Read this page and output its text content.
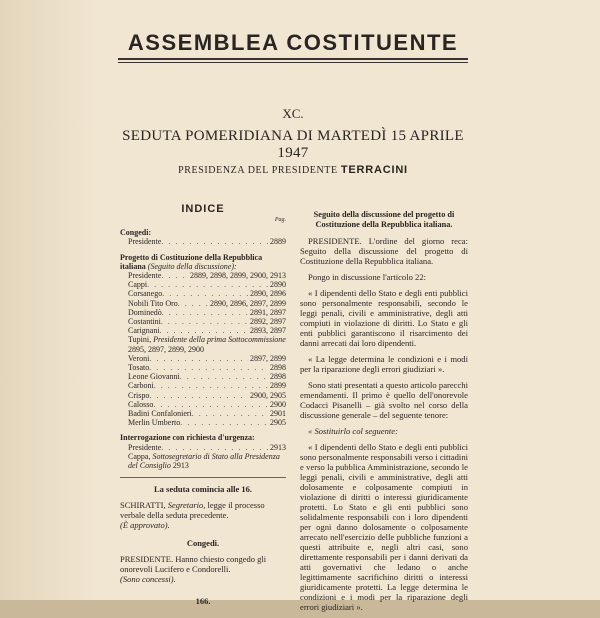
ASSEMBLEA COSTITUENTE
XC.
SEDUTA POMERIDIANA DI MARTEDÌ 15 APRILE 1947
PRESIDENZA DEL PRESIDENTE TERRACINI
INDICE
Pag.
Congedi:
Presidente . . .	2889
Progetto di Costituzione della Repubblica italiana (Seguito della discussione):
Presidente . . .	2889, 2898, 2899, 2900, 2913
Cappi . . .	2890
Corsanego . . .	2890, 2896
Nobili Tito Oro . . .	2890, 2896, 2897, 2899
Dominedò . . .	2891, 2897
Costantini . . .	2892, 2897
Carignani . . .	2893, 2897
Tupini, Presidente della prima Sottocommissione 2895, 2897, 2899, 2900
Veroni . . .	2897, 2899
Tosato . . .	2898
Leone Giovanni . . .	2898
Carboni . . .	2899
Crispo . . .	2900, 2905
Calosso . . .	2900
Badini Confalonieri . . .	2901
Merlin Umberto . . .	2905
Interrogazione con richiesta d'urgenza:
Presidente . . .	2913
Cappa, Sottosegretario di Stato alla Presidenza del Consiglio 2913
La seduta comincia alle 16.
SCHIRATTI, Segretario, legge il processo verbale della seduta precedente.
(È approvato).
Congedi.
PRESIDENTE. Hanno chiesto congedo gli onorevoli Lucifero e Condorelli.
(Sono concessi).
166.
Seguito della discussione del progetto di Costituzione della Repubblica italiana.

PRESIDENTE. L'ordine del giorno reca: Seguito della discussione del progetto di Costituzione della Repubblica italiana.

Pongo in discussione l'articolo 22:

« I dipendenti dello Stato e degli enti pubblici sono personalmente responsabili, secondo le leggi penali, civili e amministrative, degli atti compiuti in violazione di diritti. Lo Stato e gli enti pubblici garantiscono il risarcimento dei danni arrecati dai loro dipendenti.

« La legge determina le condizioni e i modi per la riparazione degli errori giudiziari ».

Sono stati presentati a questo articolo parecchi emendamenti. Il primo è quello dell'onorevole Codacci Pisanelli – già svolto nel corso della discussione generale – del seguente tenore:

« Sostituirlo col seguente:

« I dipendenti dello Stato e degli enti pubblici sono personalmente responsabili verso i cittadini e verso la pubblica Amministrazione, secondo le leggi penali, civili e amministrative, degli atti dolosamente e colposamente compiuti in violazione di diritti o interessi giuridicamente protetti. Lo Stato e gli enti pubblici sono solidalmente responsabili con i loro dipendenti per ogni danno dolosamente o colposamente arrecato nell'esercizio delle pubbliche funzioni a questi attribuite e, negli altri casi, sono direttamente responsabili per i danni derivati da atti governativi che ledano o anche legittimamente sacrifichino diritti o interessi giuridicamente protetti. La legge determina le condizioni e i modi per la riparazione degli errori giudiziari ».
